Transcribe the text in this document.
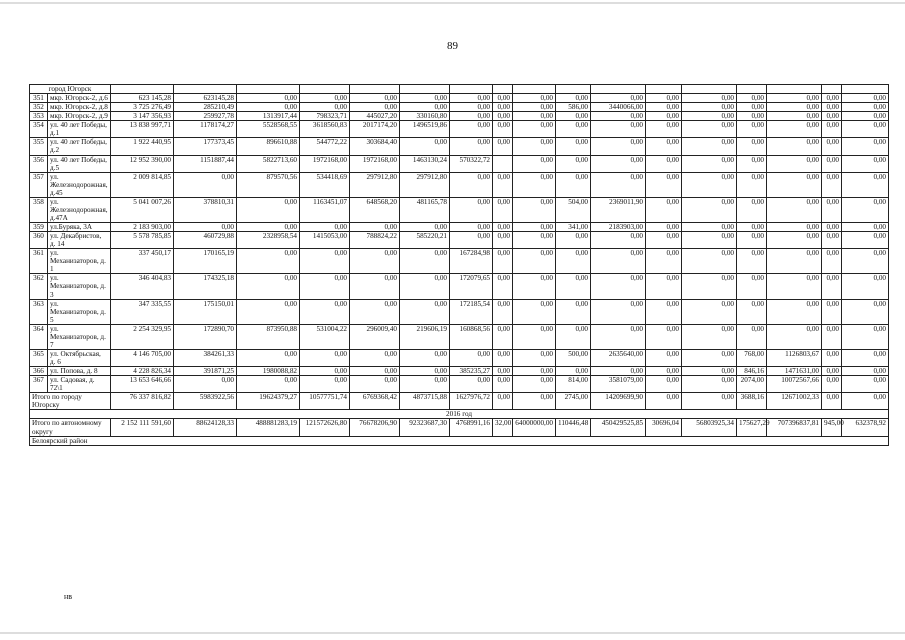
89
город Югорск																		
351	мкр. Югорск-2, д.6	623 145,28	623145,28	0,00	0,00	0,00	0,00	0,00	0,00	0,00	0,00	0,00	0,00	0,00	0,00	0,00	0,00	0,00
352	мкр. Югорск-2, д.8	3 725 276,49	285210,49	0,00	0,00	0,00	0,00	0,00	0,00	0,00	586,00	3440066,00	0,00	0,00	0,00	0,00	0,00	0,00
353	мкр. Югорск-2, д.9	3 147 356,93	259927,78	1313917,44	798323,71	445027,20	330160,80	0,00	0,00	0,00	0,00	0,00	0,00	0,00	0,00	0,00	0,00	0,00
354	ул. 40 лет Победы, д.1	13 838 997,71	1178174,27	5528568,55	3618560,83	2017174,20	1496519,86	0,00	0,00	0,00	0,00	0,00	0,00	0,00	0,00	0,00	0,00	0,00
355	ул. 40 лет Победы, д.2	1 922 440,95	177373,45	896610,88	544772,22	303684,40	0,00	0,00	0,00	0,00	0,00	0,00	0,00	0,00	0,00	0,00	0,00	0,00
356	ул. 40 лет Победы, д.5	12 952 390,00	1151887,44	5822713,60	1972168,00	1972168,00	1463130,24	570322,72		0,00	0,00	0,00	0,00	0,00	0,00	0,00	0,00	0,00
357	ул. Железнодорожная, д.45	2 009 814,85	0,00	879570,56	534418,69	297912,80	297912,80	0,00	0,00	0,00	0,00	0,00	0,00	0,00	0,00	0,00	0,00	0,00
358	ул. Железнодорожная, д.47А	5 041 007,26	378810,31	0,00	1163451,07	648568,20	481165,78	0,00	0,00	0,00	504,00	2369011,90	0,00	0,00	0,00	0,00	0,00	0,00
359	ул.Буряка, 3А	2 183 903,00	0,00	0,00	0,00	0,00	0,00	0,00	0,00	0,00	341,00	2183903,00	0,00	0,00	0,00	0,00	0,00	0,00
360	ул. Декабристов, д. 14	5 578 785,85	460729,88	2328958,54	1415053,00	788824,22	585220,21	0,00	0,00	0,00	0,00	0,00	0,00	0,00	0,00	0,00	0,00	0,00
361	ул. Механизаторов, д. 1	337 450,17	170165,19	0,00	0,00	0,00	0,00	167284,98	0,00	0,00	0,00	0,00	0,00	0,00	0,00	0,00	0,00	0,00
362	ул. Механизаторов, д. 3	346 404,83	174325,18	0,00	0,00	0,00	0,00	172079,65	0,00	0,00	0,00	0,00	0,00	0,00	0,00	0,00	0,00	0,00
363	ул. Механизаторов, д. 5	347 335,55	175150,01	0,00	0,00	0,00	0,00	172185,54	0,00	0,00	0,00	0,00	0,00	0,00	0,00	0,00	0,00	0,00
364	ул. Механизаторов, д. 7	2 254 329,95	172890,70	873950,88	531004,22	296009,40	219606,19	160868,56	0,00	0,00	0,00	0,00	0,00	0,00	0,00	0,00	0,00	0,00
365	ул. Октябрьская, д. 6	4 146 705,00	384261,33	0,00	0,00	0,00	0,00	0,00	0,00	0,00	500,00	2635640,00	0,00	0,00	768,00	1126803,67	0,00	0,00
366	ул. Попова, д. 8	4 228 826,34	391871,25	1980088,82	0,00	0,00	0,00	385235,27	0,00	0,00	0,00	0,00	0,00	0,00	846,16	1471631,00	0,00	0,00
367	ул. Садовая, д. 72\1	13 653 646,66	0,00	0,00	0,00	0,00	0,00	0,00	0,00	0,00	814,00	3581079,00	0,00	0,00	2074,00	10072567,66	0,00	0,00
Итого по городу Югорску		76 337 816,82	5983922,56	19624379,27	10577751,74	6769368,42	4873715,88	1627976,72	0,00	0,00	2745,00	14209699,90	0,00	0,00	3688,16	12671002,33	0,00	0,00
2016 год																		
Итого по автономному округу		2 152 111 591,60	88624128,33	488881283,19	121572626,80	76678206,90	92323687,30	4768991,16	32,00	64000000,00	110446,48	450429525,85	30696,04	56803925,34	175627,29	707396837,81	945,00	632378,92
Белоярский район																		
нв
